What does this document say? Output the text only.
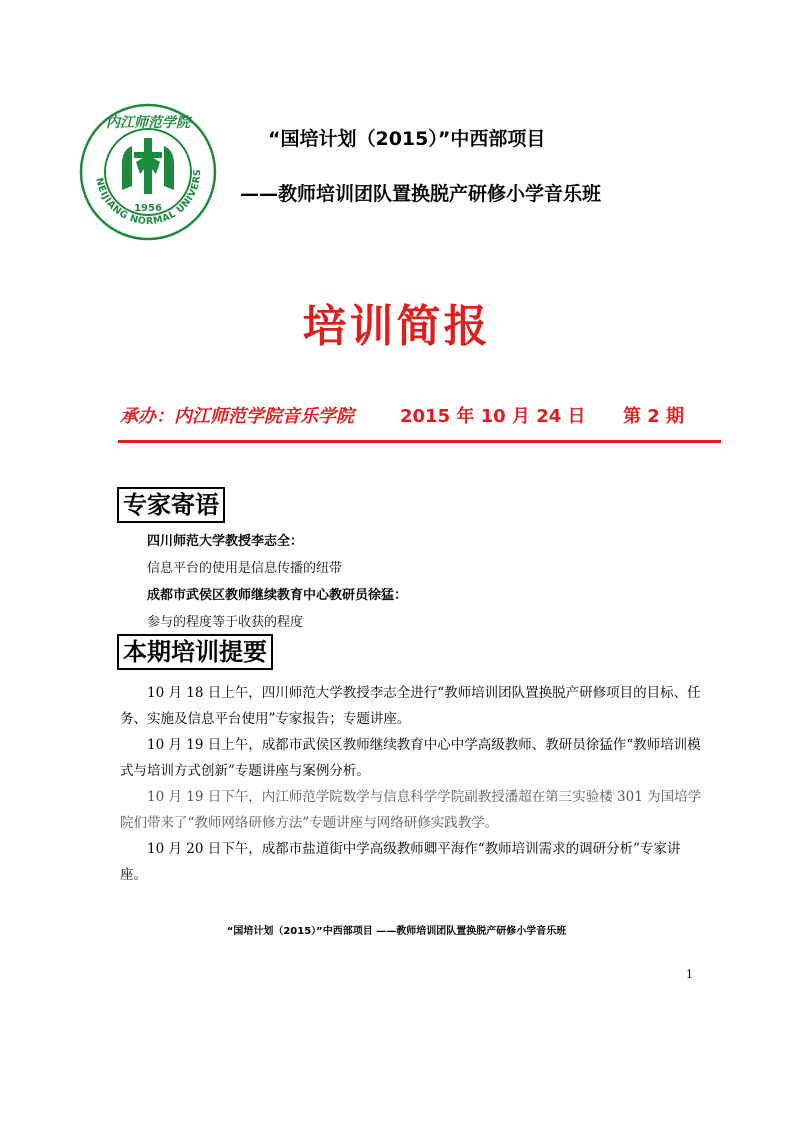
内江师范学院
NEIJIANG NORMAL UNIVERS
1956
“国培计划（2015）”中西部项目
——教师培训团队置换脱产研修小学音乐班
培训简报
承办：内江师范学院音乐学院	2015 年 10 月 24 日 第 2 期
专家寄语
四川师范大学教授李志全：
信息平台的使用是信息传播的纽带
成都市武侯区教师继续教育中心教研员徐猛：
参与的程度等于收获的程度
本期培训提要
10 月 18 日上午，四川师范大学教授李志全进行“教师培训团队置换脱产研修项目的目标、任务、实施及信息平台使用”专家报告；专题讲座。
10 月 19 日上午，成都市武侯区教师继续教育中心中学高级教师、教研员徐猛作“教师培训模式与培训方式创新”专题讲座与案例分析。
10 月 19 日下午，内江师范学院数学与信息科学学院副教授潘超在第三实验楼 301 为国培学院们带来了“教师网络研修方法”专题讲座与网络研修实践教学。
10 月 20 日下午，成都市盐道街中学高级教师卿平海作“教师培训需求的调研分析”专家讲座。
“国培计划（2015）”中西部项目 ——教师培训团队置换脱产研修小学音乐班
1
